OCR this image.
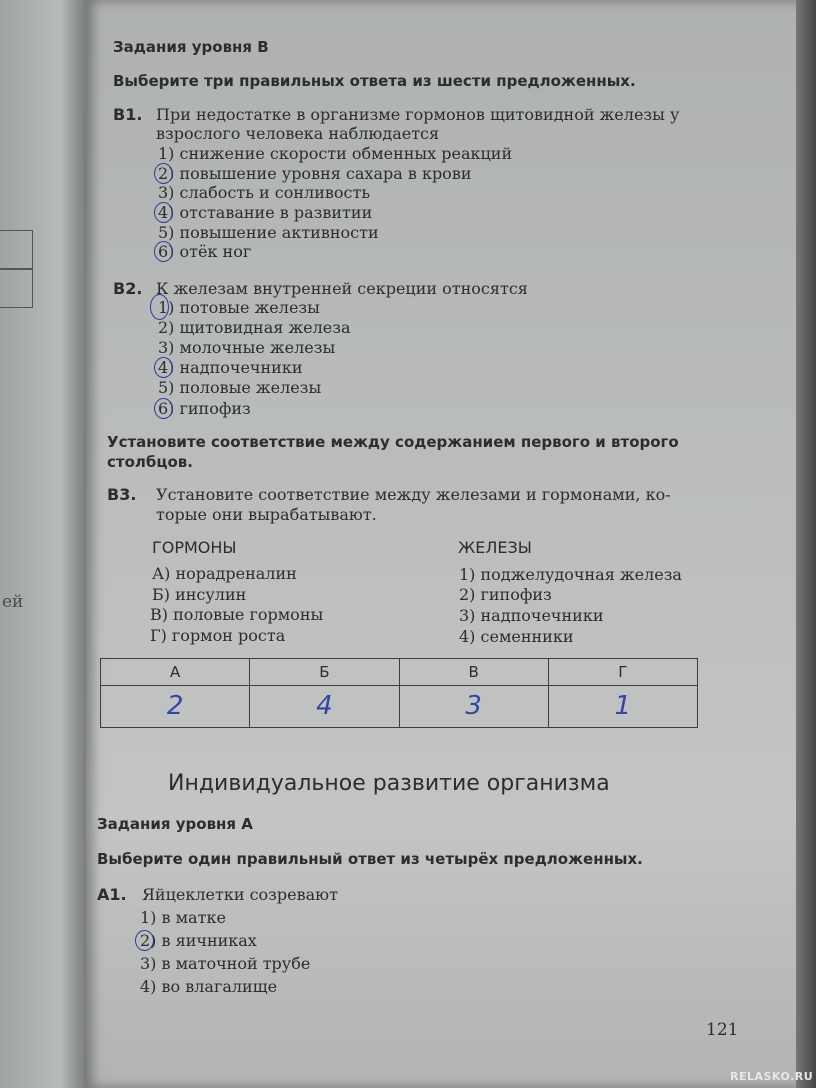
ей
Задания уровня В
Выберите три правильных ответа из шести предложенных.
В1. При недостатке в организме гормонов щитовидной железы у
взрослого человека наблюдается
1) снижение скорости обменных реакций
2) повышение уровня сахара в крови
3) слабость и сонливость
4) отставание в развитии
5) повышение активности
6) отёк ног
В2. К железам внутренней секреции относятся
1) потовые железы
2) щитовидная железа
3) молочные железы
4) надпочечники
5) половые железы
6) гипофиз
Установите соответствие между содержанием первого и второго
столбцов.
В3. Установите соответствие между железами и гормонами, ко-
торые они вырабатывают.
ГОРМОНЫ
А) норадреналин
Б) инсулин
В) половые гормоны
Г) гормон роста
ЖЕЛЕЗЫ
1) поджелудочная железа
2) гипофиз
3) надпочечники
4) семенники
А	Б	В	Г
2	4	3	1
Индивидуальное развитие организма
Задания уровня А
Выберите один правильный ответ из четырёх предложенных.
А1. Яйцеклетки созревают
1) в матке
2) в яичниках
3) в маточной трубе
4) во влагалище
121
RELASKO.RU
